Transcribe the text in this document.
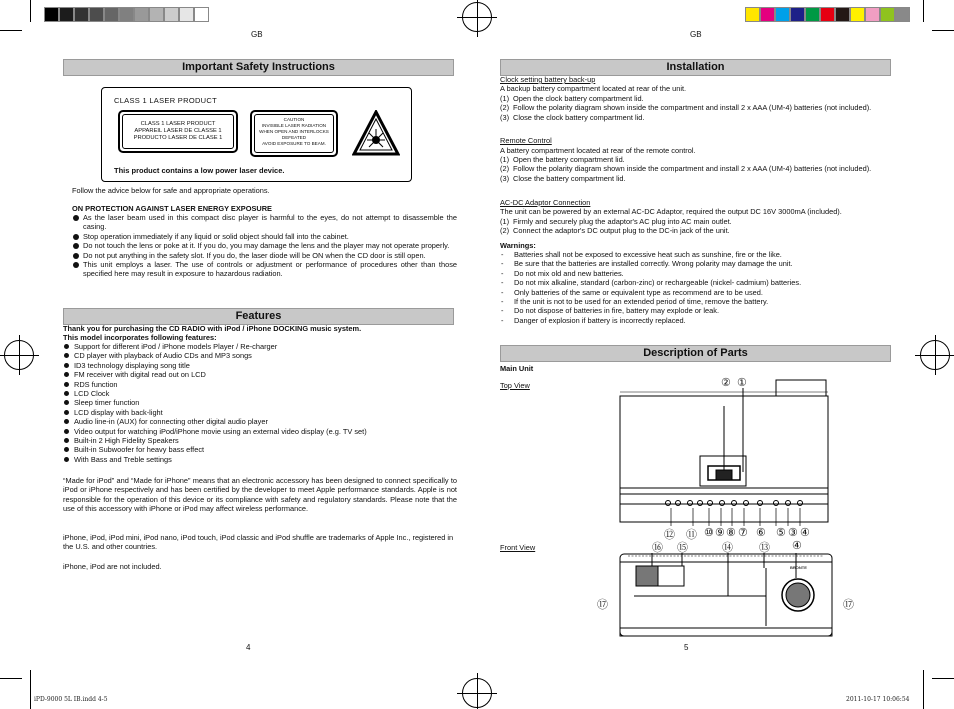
GB	GB
Important Safety Instructions
CLASS 1 LASER PRODUCT
CLASS 1 LASER PRODUCT
APPAREIL LASER DE CLASSE 1
PRODUCTO LASER DE CLASE 1
CAUTION
INVISIBLE LASER RADIATION
WHEN OPEN AND INTERLOCKS
DEFEATED
AVOID EXPOSURE TO BEAM.
This product contains a low power laser device.
Follow the advice below for safe and appropriate operations.
ON PROTECTION AGAINST LASER ENERGY EXPOSURE
As the laser beam used in this compact disc player is harmful to the eyes, do not attempt to disassemble the casing.
Stop operation immediately if any liquid or solid object should fall into the cabinet.
Do not touch the lens or poke at it. If you do, you may damage the lens and the player may not operate properly.
Do not put anything in the safety slot. If you do, the laser diode will be ON when the CD door is still open.
This unit employs a laser. The use of controls or adjustment or performance of procedures other than those specified here may result in exposure to hazardous radiation.
Features
Thank you for purchasing the CD RADIO with iPod / iPhone DOCKING music system.
This model incorporates following features:
Support for different iPod / iPhone models Player / Re-charger
CD player with playback of Audio CDs and MP3 songs
ID3 technology displaying song title
FM receiver with digital read out on LCD
RDS function
LCD Clock
Sleep timer function
LCD display with back-light
Audio line-in (AUX) for connecting other digital audio player
Video output for watching iPod/iPhone movie using an external video display (e.g. TV set)
Built-in 2 High Fidelity Speakers
Built-in Subwoofer for heavy bass effect
With Bass and Treble settings

“Made for iPod” and “Made for iPhone” means that an electronic accessory has been designed to connect specifically to iPod or iPhone respectively and has been certified by the developer to meet Apple performance standards. Apple is not responsible for the operation of this device or its compliance with safety and regulatory standards. Please note that the use of this accessory with iPhone or iPod may affect wireless performance.

iPhone, iPod, iPod mini, iPod nano, iPod touch, iPod classic and iPod shuffle are trademarks of Apple Inc., registered in the U.S. and other countries.

iPhone, iPod are not included.

4
Installation
Clock setting battery back-up
A backup battery compartment located at rear of the unit.
(1) Open the clock battery compartment lid.
(2) Follow the polarity diagram shown inside the compartment and install 2 x AAA (UM-4) batteries (not included).
(3) Close the clock battery compartment lid.
Remote Control
A battery compartment located at rear of the remote control.
(1) Open the battery compartment lid.
(2) Follow the polarity diagram shown inside the compartment and install 2 x AAA (UM-4) batteries (not included).
(3) Close the battery compartment lid.
AC-DC Adaptor Connection
The unit can be powered by an external AC-DC Adaptor, required the output DC 16V 3000mA (included).
(1) Firmly and securely plug the adaptor's AC plug into AC main outlet.
(2) Connect the adaptor's DC output plug to the DC-in jack of the unit.
Warnings:
- Batteries shall not be exposed to excessive heat such as sunshine, fire or the like.
- Be sure that the batteries are installed correctly. Wrong polarity may damage the unit.
- Do not mix old and new batteries.
- Do not mix alkaline, standard (carbon-zinc) or rechargeable (nickel- cadmium) batteries.
- Only batteries of the same or equivalent type as recommend are to be used.
- If the unit is not to be used for an extended period of time, remove the battery.
- Do not dispose of batteries in fire, battery may explode or leak.
- Danger of explosion if battery is incorrectly replaced.
Description of Parts
Main Unit
Top View
Front View
② ①
⑫ ⑪ ⑩ ⑨ ⑧ ⑦ ⑥ ⑤ ③ ④
BRONTE
⑯ ⑮	⑭ ⑬ ④
⑰	⑰
5
iPD-9000 5L IB.indd 4-5	2011-10-17 10:06:54
